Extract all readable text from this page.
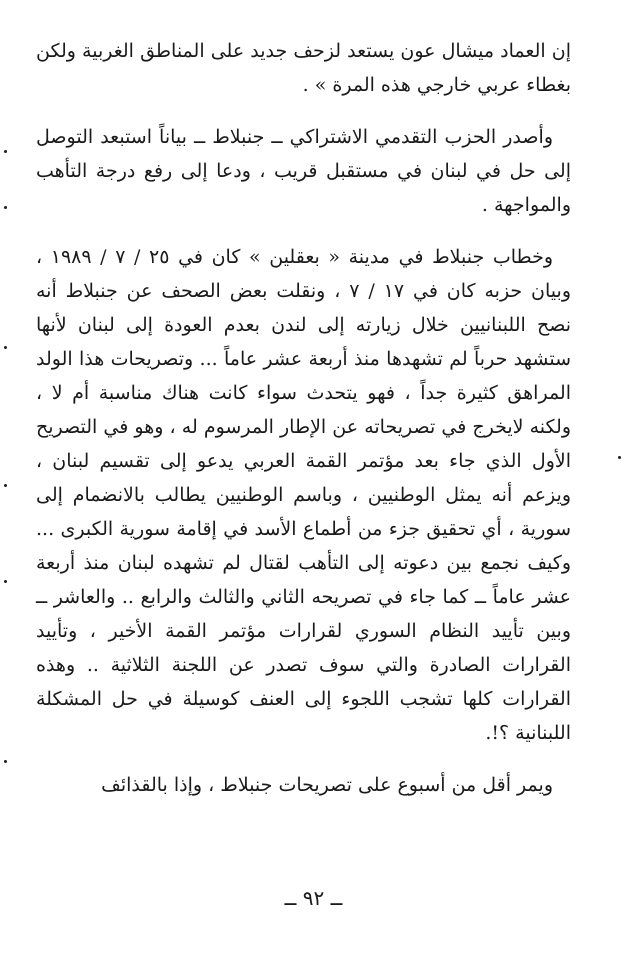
إن العماد ميشال عون يستعد لزحف جديد على المناطق الغربية ولكن بغطاء عربي خارجي هذه المرة » .

وأصدر الحزب التقدمي الاشتراكي ــ جنبلاط ــ بياناً استبعد التوصل إلى حل في لبنان في مستقبل قريب ، ودعا إلى رفع درجة التأهب والمواجهة .

وخطاب جنبلاط في مدينة « بعقلين » كان في ٢٥ / ٧ / ١٩٨٩ ، وبيان حزبه كان في ١٧ / ٧ ، ونقلت بعض الصحف عن جنبلاط أنه نصح اللبنانيين خلال زيارته إلى لندن بعدم العودة إلى لبنان لأنها ستشهد حرباً لم تشهدها منذ أربعة عشر عاماً ... وتصريحات هذا الولد المراهق كثيرة جداً ، فهو يتحدث سواء كانت هناك مناسبة أم لا ، ولكنه لايخرج في تصريحاته عن الإطار المرسوم له ، وهو في التصريح الأول الذي جاء بعد مؤتمر القمة العربي يدعو إلى تقسيم لبنان ، ويزعم أنه يمثل الوطنيين ، وباسم الوطنيين يطالب بالانضمام إلى سورية ، أي تحقيق جزء من أطماع الأسد في إقامة سورية الكبرى ... وكيف نجمع بين دعوته إلى التأهب لقتال لم تشهده لبنان منذ أربعة عشر عاماً ــ كما جاء في تصريحه الثاني والثالث والرابع .. والعاشر ــ وبين تأييد النظام السوري لقرارات مؤتمر القمة الأخير ، وتأييد القرارات الصادرة والتي سوف تصدر عن اللجنة الثلاثية .. وهذه القرارات كلها تشجب اللجوء إلى العنف كوسيلة في حل المشكلة اللبنانية ؟!.

ويمر أقل من أسبوع على تصريحات جنبلاط ، وإذا بالقذائف

ــ ٩٢ ــ
